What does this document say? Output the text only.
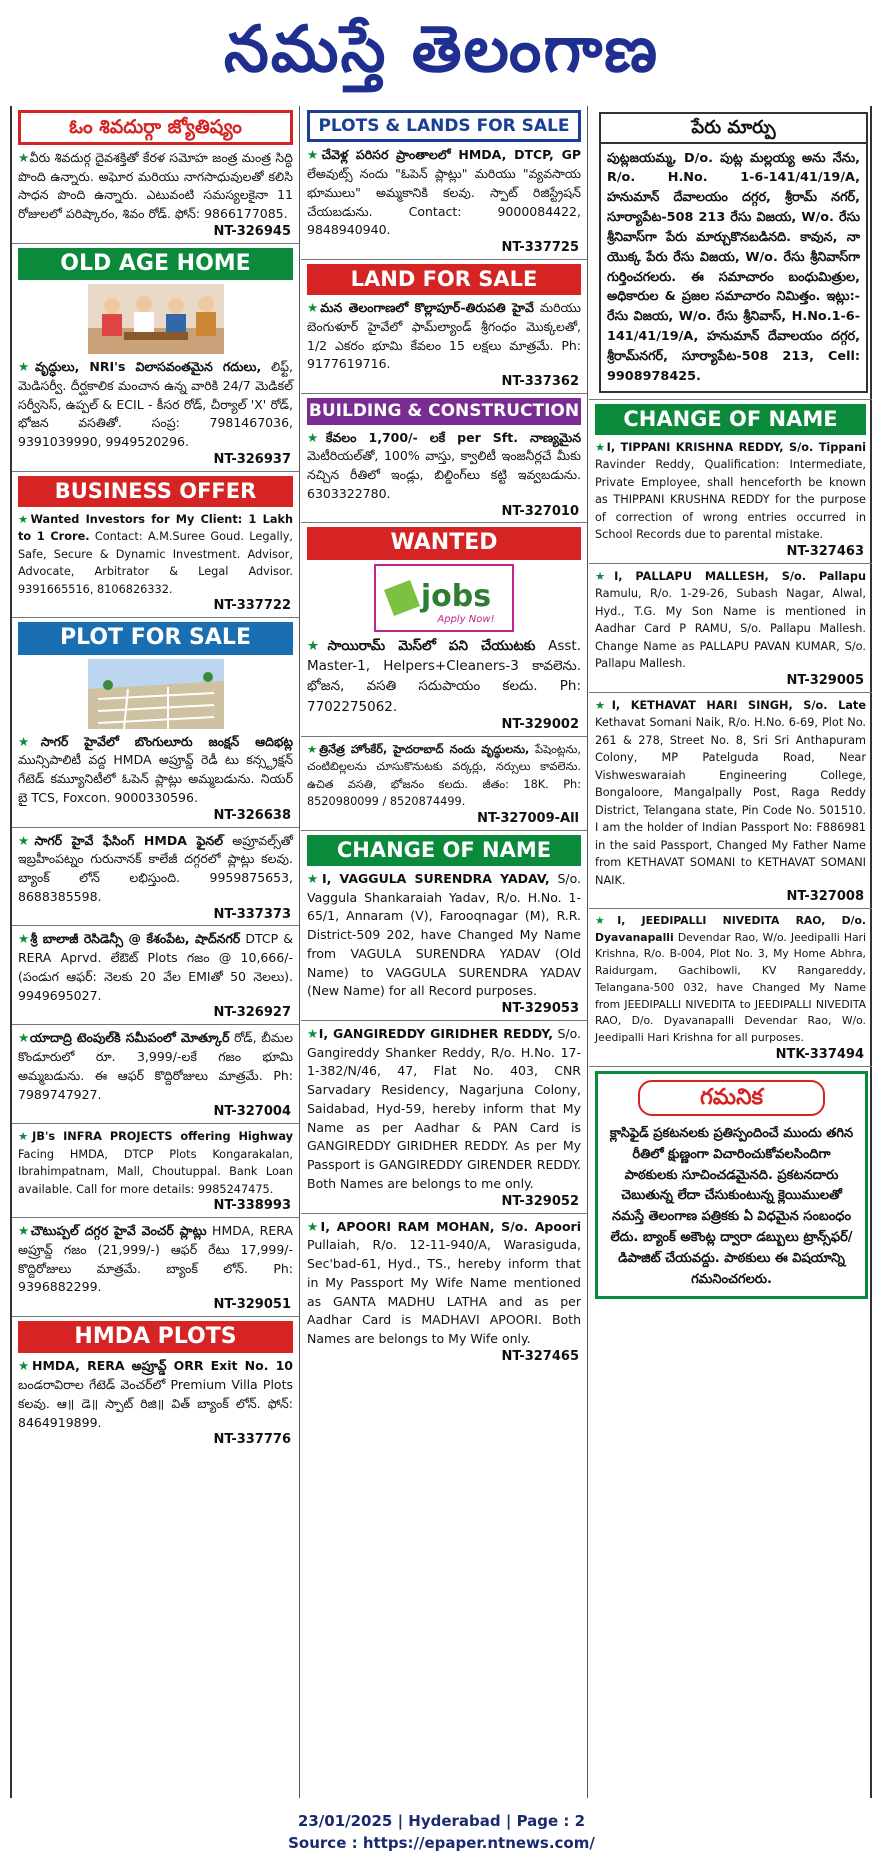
నమస్తే తెలంగాణ
ఓం శివదుర్గా జ్యోతిష్యం
★వీరు శివదుర్గ దైవశక్తితో కేరళ సమోహ జంత్ర మంత్ర సిద్ధి పొంది ఉన్నారు. అఘోర మరియు నాగసాధువులతో కలిసి సాధన పొంది ఉన్నారు. ఎటువంటి సమస్యలకైనా 11 రోజులలో పరిష్కారం, శివం రోడ్. ఫోన్: 9866177085.
NT-326945
OLD AGE HOME
★వృద్ధులు, NRI's విలాసవంతమైన గదులు, లిఫ్ట్, మెడిసర్వీ. దీర్ఘకాలిక మంచాన ఉన్న వారికి 24/7 మెడికల్ సర్వీసెస్, ఉప్పల్ & ECIL - కీసర రోడ్, చీర్యాల్ 'X' రోడ్, భోజన వసతితో. సంప్ర: 7981467036, 9391039990, 9949520296.
NT-326937
BUSINESS OFFER
★Wanted Investors for My Client: 1 Lakh to 1 Crore. Contact: A.M.Suree Goud. Legally, Safe, Secure & Dynamic Investment. Advisor, Advocate, Arbitrator & Legal Advisor. 9391665516, 8106826332.
NT-337722
PLOT FOR SALE
★సాగర్ హైవేలో బొంగులూరు జంక్షన్ ఆదిభట్ల మున్సిపాలిటీ వద్ద HMDA అప్రూవ్డ్ రెడీ టు కన్స్ట్రక్షన్ గేటెడ్ కమ్యూనిటీలో ఓపెన్ ప్లాట్లు అమ్మబడును. నియర్ బై TCS, Foxcon. 9000330596.
NT-326638
★సాగర్ హైవే ఫేసింగ్ HMDA ఫైనల్ అప్రూవల్స్‌తో ఇబ్రహీంపట్నం గురునానక్ కాలేజీ దగ్గరలో ప్లాట్లు కలవు. బ్యాంక్ లోన్ లభిస్తుంది. 9959875653, 8688385598.
NT-337373
★శ్రీ బాలాజీ రెసిడెన్సీ @ కేశంపేట, షాద్‌నగర్ DTCP & RERA Aprvd. లేఔట్ Plots గజం @ 10,666/- (పండుగ ఆఫర్: నెలకు 20 వేల EMIతో 50 నెలలు). 9949695027.
NT-326927
★యాదాద్రి టెంపుల్‌కి సమీపంలో మోత్కూర్ రోడ్, బీమల కొండూరులో రూ. 3,999/-లకే గజం భూమి అమ్మబడును. ఈ ఆఫర్ కొద్దిరోజులు మాత్రమే. Ph: 7989747927.
NT-327004
★JB's INFRA PROJECTS offering Highway Facing HMDA, DTCP Plots Kongarakalan, Ibrahimpatnam, Mall, Choutuppal. Bank Loan available. Call for more details: 9985247475.
NT-338993
★చౌటుప్పల్ దగ్గర హైవే వెంచర్ ప్లాట్లు HMDA, RERA అప్రూవ్డ్ గజం (21,999/-) ఆఫర్ రేటు 17,999/- కొద్దిరోజులు మాత్రమే. బ్యాంక్ లోన్. Ph: 9396882299.
NT-329051
HMDA PLOTS
★HMDA, RERA అప్రూవ్డ్ ORR Exit No. 10 బండరావిరాల గేటెడ్ వెంచర్‌లో Premium Villa Plots కలవు. ఆ॥ డె॥ స్పాట్ రిజి॥ విత్ బ్యాంక్ లోన్. ఫోన్: 8464919899.
NT-337776
PLOTS & LANDS FOR SALE
★చేవెళ్ల పరిసర ప్రాంతాలలో HMDA, DTCP, GP లేఅవుట్స్ నందు "ఓపెన్ ప్లాట్లు" మరియు "వ్యవసాయ భూములు" అమ్మకానికి కలవు. స్పాట్ రిజిస్ట్రేషన్ చేయబడును. Contact: 9000084422, 9848940940.
NT-337725
LAND FOR SALE
★మన తెలంగాణలో కొల్లాపూర్-తిరుపతి హైవే మరియు బెంగుళూర్ హైవేలో ఫామ్‌ల్యాండ్ శ్రీగంధం మొక్కలతో, 1/2 ఎకరం భూమి కేవలం 15 లక్షలు మాత్రమే. Ph: 9177619716.
NT-337362
BUILDING & CONSTRUCTION
★కేవలం 1,700/- లకే per Sft. నాణ్యమైన మెటీరియల్‌తో, 100% వాస్తు, క్వాలిటీ ఇంజనీర్లచే మీకు నచ్చిన రీతిలో ఇండ్లు, బిల్డింగ్‌లు కట్టి ఇవ్వబడును. 6303322780.
NT-327010
WANTED
jobs
Apply Now!
★సాయిరామ్ మెస్‌లో పని చేయుటకు Asst. Master-1, Helpers+Cleaners-3 కావలెను. భోజన, వసతి సదుపాయం కలదు. Ph: 7702275062.
NT-329002
★త్రినేత్ర హోంకేర్, హైదరాబాద్ నందు వృద్ధులను, పేషెంట్లను, చంటిబిల్లలను చూసుకొనుటకు వర్కర్లు, నర్సులు కావలెను. ఉచిత వసతి, భోజనం కలదు. జీతం: 18K. Ph: 8520980099 / 8520874499.
NT-327009-All
CHANGE OF NAME
★I, VAGGULA SURENDRA YADAV, S/o. Vaggula Shankaraiah Yadav, R/o. H.No. 1-65/1, Annaram (V), Farooqnagar (M), R.R. District-509 202, have Changed My Name from VAGULA SURENDRA YADAV (Old Name) to VAGGULA SURENDRA YADAV (New Name) for all Record purposes.
NT-329053
★I, GANGIREDDY GIRIDHER REDDY, S/o. Gangireddy Shanker Reddy, R/o. H.No. 17-1-382/N/46, 47, Flat No. 403, CNR Sarvadary Residency, Nagarjuna Colony, Saidabad, Hyd-59, hereby inform that My Name as per Aadhar & PAN Card is GANGIREDDY GIRIDHER REDDY. As per My Passport is GANGIREDDY GIRENDER REDDY. Both Names are belongs to me only.
NT-329052
★I, APOORI RAM MOHAN, S/o. Apoori Pullaiah, R/o. 12-11-940/A, Warasiguda, Sec'bad-61, Hyd., TS., hereby inform that in My Passport My Wife Name mentioned as GANTA MADHU LATHA and as per Aadhar Card is MADHAVI APOORI. Both Names are belongs to My Wife only.
NT-327465
పేరు మార్పు
పుట్లజయమ్మ, D/o. పుట్ల మల్లయ్య అను నేను, R/o. H.No. 1-6-141/41/19/A, హనుమాన్ దేవాలయం దగ్గర, శ్రీరామ్ నగర్, సూర్యాపేట-508 213 రేసు విజయ, W/o. రేసు శ్రీనివాస్‌గా పేరు మార్చుకొనబడినది. కావున, నా యొక్క పేరు రేసు విజయ, W/o. రేసు శ్రీనివాస్‌గా గుర్తించగలరు. ఈ సమాచారం బంధుమిత్రుల, అధికారుల & ప్రజల సమాచారం నిమిత్తం. ఇట్లు:- రేసు విజయ, W/o. రేసు శ్రీనివాస్, H.No.1-6-141/41/19/A, హనుమాన్ దేవాలయం దగ్గర, శ్రీరామ్‌నగర్, సూర్యాపేట-508 213, Cell: 9908978425.
CHANGE OF NAME
★I, TIPPANI KRISHNA REDDY, S/o. Tippani Ravinder Reddy, Qualification: Intermediate, Private Employee, shall henceforth be known as THIPPANI KRUSHNA REDDY for the purpose of correction of wrong entries occurred in School Records due to parental mistake.
NT-327463
★I, PALLAPU MALLESH, S/o. Pallapu Ramulu, R/o. 1-29-26, Subash Nagar, Alwal, Hyd., T.G. My Son Name is mentioned in Aadhar Card P RAMU, S/o. Pallapu Mallesh. Change Name as PALLAPU PAVAN KUMAR, S/o. Pallapu Mallesh.
NT-329005
★I, KETHAVAT HARI SINGH, S/o. Late Kethavat Somani Naik, R/o. H.No. 6-69, Plot No. 261 & 278, Street No. 8, Sri Sri Anthapuram Colony, MP Patelguda Road, Near Vishweswaraiah Engineering College, Bongaloore, Mangalpally Post, Raga Reddy District, Telangana state, Pin Code No. 501510. I am the holder of Indian Passport No: F886981 in the said Passport, Changed My Father Name from KETHAVAT SOMANI to KETHAVAT SOMANI NAIK.
NT-327008
★I, JEEDIPALLI NIVEDITA RAO, D/o. Dyavanapalli Devendar Rao, W/o. Jeedipalli Hari Krishna, R/o. B-004, Plot No. 3, My Home Abhra, Raidurgam, Gachibowli, KV Rangareddy, Telangana-500 032, have Changed My Name from JEEDIPALLI NIVEDITA to JEEDIPALLI NIVEDITA RAO, D/o. Dyavanapalli Devendar Rao, W/o. Jeedipalli Hari Krishna for all purposes.
NTK-337494
గమనిక
క్లాసిఫైడ్ ప్రకటనలకు ప్రతిస్పందించే ముందు తగిన రీతిలో క్షుణ్ణంగా విచారించుకోవలసిందిగా పాఠకులకు సూచించడమైనది. ప్రకటనదారు చెబుతున్న లేదా చేసుకుంటున్న క్లెయిములతో నమస్తే తెలంగాణ పత్రికకు ఏ విధమైన సంబంధం లేదు. బ్యాంక్ అకౌంట్ల ద్వారా డబ్బులు ట్రాన్స్‌ఫర్/డిపాజిట్ చేయవద్దు. పాఠకులు ఈ విషయాన్ని గమనించగలరు.
23/01/2025 | Hyderabad | Page : 2
Source : https://epaper.ntnews.com/
